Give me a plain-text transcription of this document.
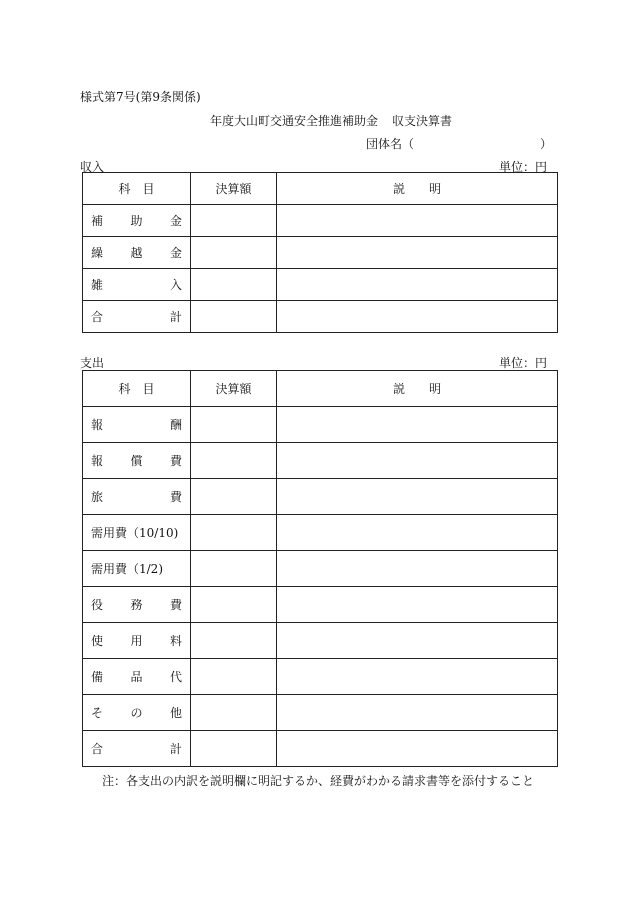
様式第7号(第9条関係)
年度大山町交通安全推進補助金 収支決算書
団体名（	）
収入	単位：円
科　目	決算額	説　　明

補 助 金		

繰 越 金		

雑 入		

合 計		

支出	単位：円
科　目	決算額	説　　明

報 酬		

報 償 費		

旅 費		

需用費（10/10)		

需用費（1/2)		

役 務 費		

使 用 料		

備 品 代		

そ の 他		

合 計		

注：各支出の内訳を説明欄に明記するか、経費がわかる請求書等を添付すること
